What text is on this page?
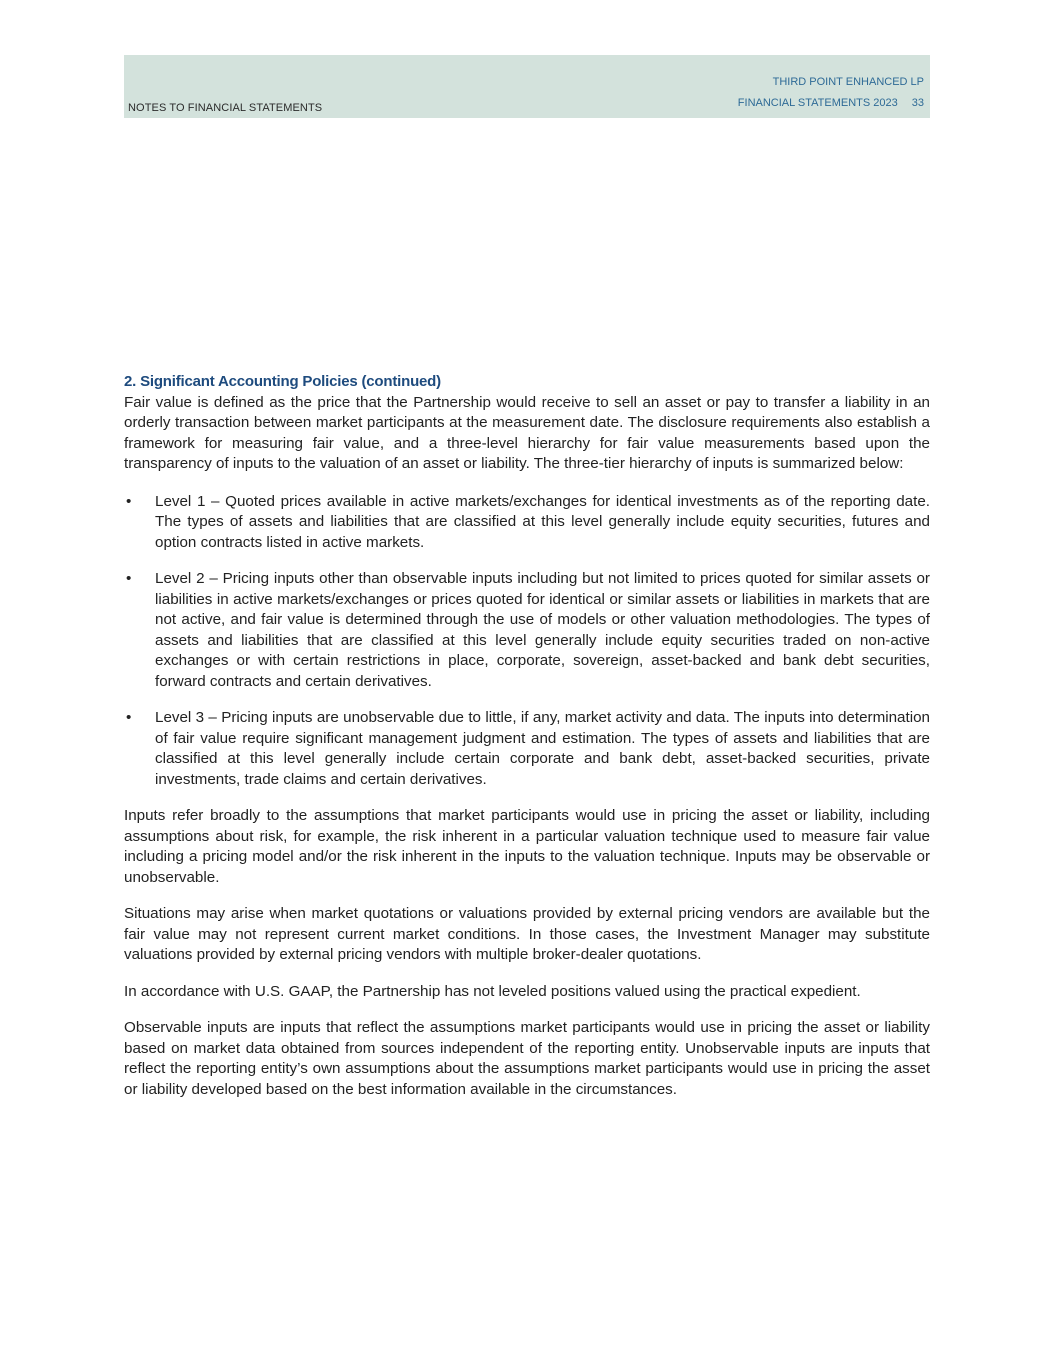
NOTES TO FINANCIAL STATEMENTS
THIRD POINT ENHANCED LP
FINANCIAL STATEMENTS 2023 33
2. Significant Accounting Policies (continued)

Fair value is defined as the price that the Partnership would receive to sell an asset or pay to transfer a liability in an orderly transaction between market participants at the measurement date. The disclosure requirements also establish a framework for measuring fair value, and a three-level hierarchy for fair value measurements based upon the transparency of inputs to the valuation of an asset or liability. The three-tier hierarchy of inputs is summarized below:

• Level 1 – Quoted prices available in active markets/exchanges for identical investments as of the reporting date. The types of assets and liabilities that are classified at this level generally include equity securities, futures and option contracts listed in active markets.
• Level 2 – Pricing inputs other than observable inputs including but not limited to prices quoted for similar assets or liabilities in active markets/exchanges or prices quoted for identical or similar assets or liabilities in markets that are not active, and fair value is determined through the use of models or other valuation methodologies. The types of assets and liabilities that are classified at this level generally include equity securities traded on non-active exchanges or with certain restrictions in place, corporate, sovereign, asset-backed and bank debt securities, forward contracts and certain derivatives.
• Level 3 – Pricing inputs are unobservable due to little, if any, market activity and data. The inputs into determination of fair value require significant management judgment and estimation. The types of assets and liabilities that are classified at this level generally include certain corporate and bank debt, asset-backed securities, private investments, trade claims and certain derivatives.

Inputs refer broadly to the assumptions that market participants would use in pricing the asset or liability, including assumptions about risk, for example, the risk inherent in a particular valuation technique used to measure fair value including a pricing model and/or the risk inherent in the inputs to the valuation technique. Inputs may be observable or unobservable.

Situations may arise when market quotations or valuations provided by external pricing vendors are available but the fair value may not represent current market conditions. In those cases, the Investment Manager may substitute valuations provided by external pricing vendors with multiple broker-dealer quotations.

In accordance with U.S. GAAP, the Partnership has not leveled positions valued using the practical expedient.

Observable inputs are inputs that reflect the assumptions market participants would use in pricing the asset or liability based on market data obtained from sources independent of the reporting entity. Unobservable inputs are inputs that reflect the reporting entity’s own assumptions about the assumptions market participants would use in pricing the asset or liability developed based on the best information available in the circumstances.
